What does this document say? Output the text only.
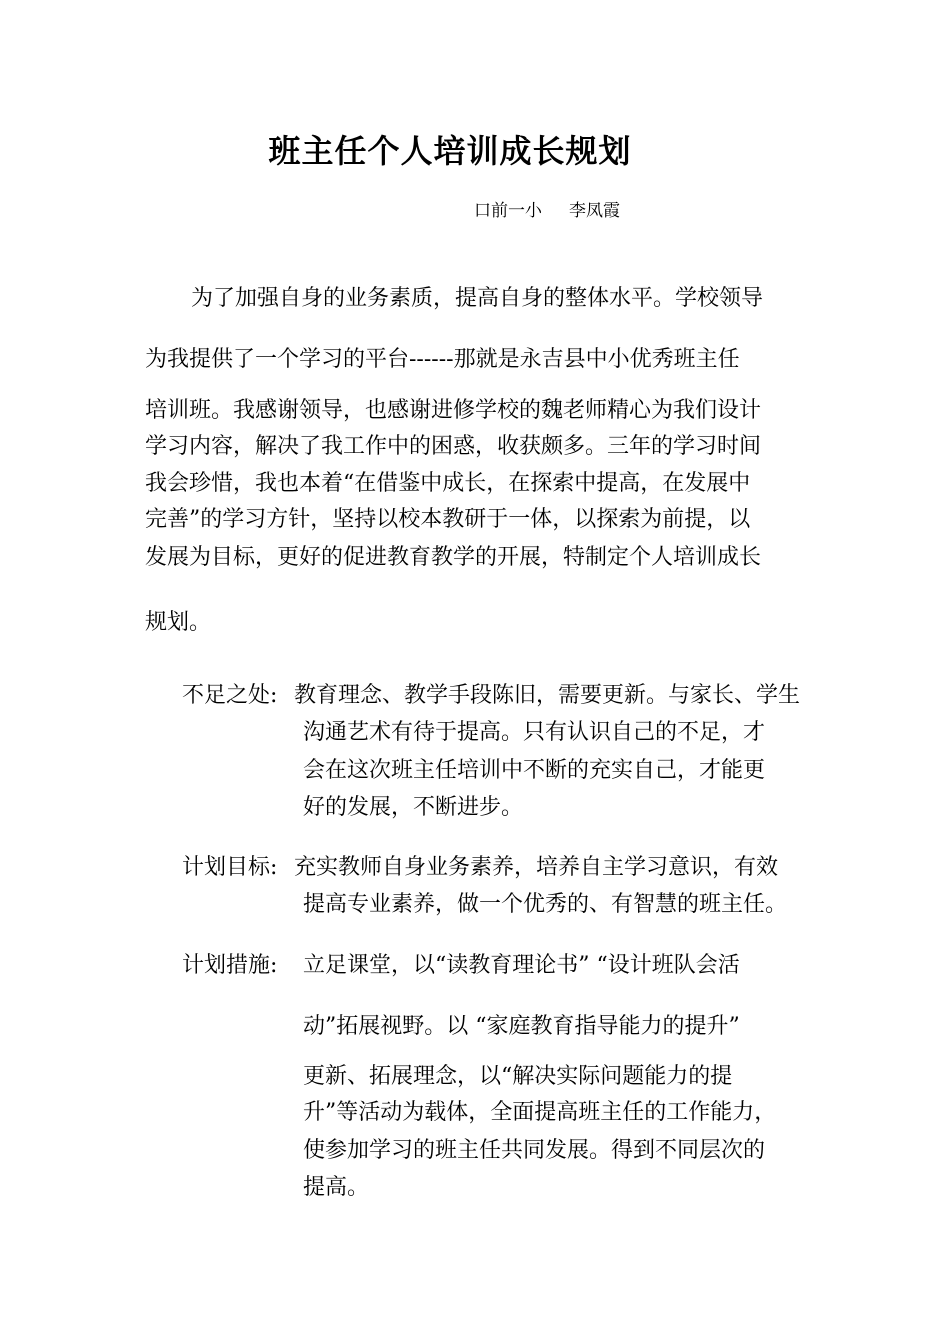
班主任个人培训成长规划
口前一小     李凤霞
为了加强自身的业务素质，提高自身的整体水平。学校领导
为我提供了一个学习的平台------那就是永吉县中小优秀班主任
培训班。我感谢领导，也感谢进修学校的魏老师精心为我们设计
学习内容，解决了我工作中的困惑，收获颇多。三年的学习时间
我会珍惜，我也本着“在借鉴中成长，在探索中提高，在发展中
完善”的学习方针，坚持以校本教研于一体，以探索为前提，以
发展为目标，更好的促进教育教学的开展，特制定个人培训成长
规划。
不足之处: 教育理念、教学手段陈旧，需要更新。与家长、学生
沟通艺术有待于提高。只有认识自己的不足，才
会在这次班主任培训中不断的充实自己，才能更
好的发展，不断进步。
计划目标: 充实教师自身业务素养，培养自主学习意识，有效
提高专业素养，做一个优秀的、有智慧的班主任。
计划措施: 立足课堂，以“读教育理论书” “设计班队会活
动”拓展视野。以 “家庭教育指导能力的提升”
更新、拓展理念，以“解决实际问题能力的提
升”等活动为载体，全面提高班主任的工作能力，
使参加学习的班主任共同发展。得到不同层次的
提高。
